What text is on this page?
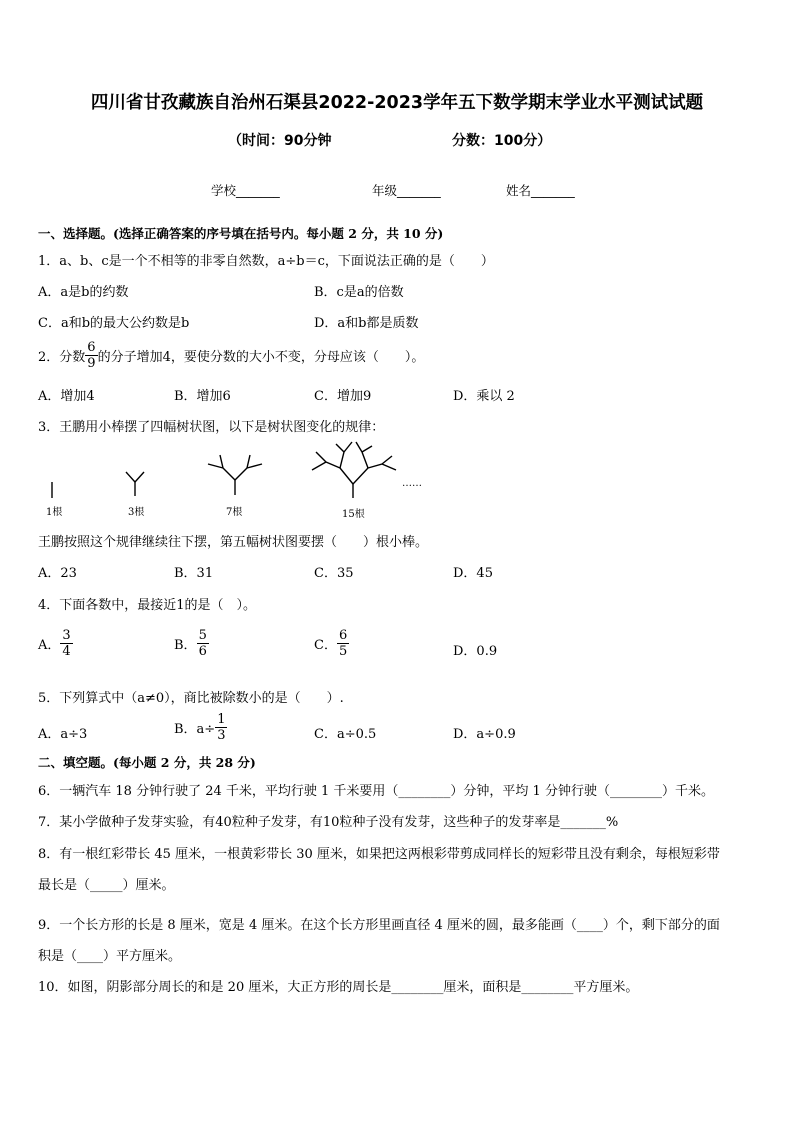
四川省甘孜藏族自治州石渠县2022-2023学年五下数学期末学业水平测试试题
（时间：90分钟	分数：100分）
学校_______	年级_______	姓名_______
一、选择题。(选择正确答案的序号填在括号内。每小题 2 分，共 10 分)
1．a、b、c是一个不相等的非零自然数，a÷b＝c，下面说法正确的是（　　）
A．a是b的约数	B．c是a的倍数
C．a和b的最大公约数是b	D．a和b都是质数
2．分数 $\frac{6}{9}$ 的分子增加4，要使分数的大小不变，分母应该（　　）。
A．增加4	B．增加6	C．增加9	D．乘以 2
3．王鹏用小棒摆了四幅树状图，以下是树状图变化的规律：
1根	3根	7根	15根
……
王鹏按照这个规律继续往下摆，第五幅树状图要摆（　　）根小棒。
A．23	B．31	C．35	D．45
4．下面各数中，最接近1的是（　）。
A． $\frac{3}{4}$	B． $\frac{5}{6}$	C． $\frac{6}{5}$	D．0.9
5．下列算式中（a≠0），商比被除数小的是（　　）.
A．a÷3	B．$a\div \frac{1}{3}$	C．a÷0.5	D．a÷0.9
二、填空题。(每小题 2 分，共 28 分)
6．一辆汽车 18 分钟行驶了 24 千米，平均行驶 1 千米要用（________）分钟，平均 1 分钟行驶（________）千米。
7．某小学做种子发芽实验，有40粒种子发芽，有10粒种子没有发芽，这些种子的发芽率是_______%
8．有一根红彩带长 45 厘米，一根黄彩带长 30 厘米，如果把这两根彩带剪成同样长的短彩带且没有剩余，每根短彩带
最长是（_____）厘米。
9．一个长方形的长是 8 厘米，宽是 4 厘米。在这个长方形里画直径 4 厘米的圆，最多能画（____）个，剩下部分的面
积是（____）平方厘米。
10．如图，阴影部分周长的和是 20 厘米，大正方形的周长是________厘米，面积是________平方厘米。
